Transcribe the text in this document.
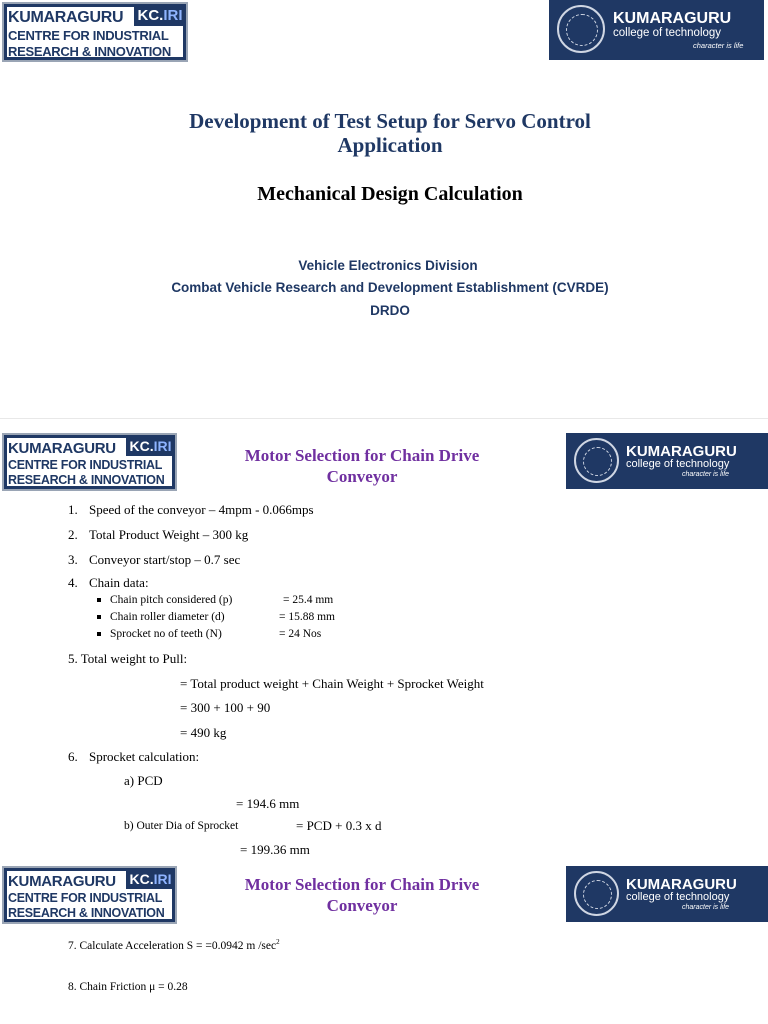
KUMARAGURU
CENTRE FOR INDUSTRIAL
RESEARCH & INNOVATION
KC.IRI	KUMARAGURU
college of technology
character is life
Development of Test Setup for Servo Control
Application
Mechanical Design Calculation
Vehicle Electronics Division
Combat Vehicle Research and Development Establishment (CVRDE)
DRDO
KUMARAGURU
CENTRE FOR INDUSTRIAL
RESEARCH & INNOVATION
KC.IRI	KUMARAGURU
college of technology
character is life
Motor Selection for Chain Drive
Conveyor
1. Speed of the conveyor – 4mpm - 0.066mps
2. Total Product Weight – 300 kg
3. Conveyor start/stop – 0.7 sec
4. Chain data:
Chain pitch considered (p)	= 25.4 mm
Chain roller diameter (d)	= 15.88 mm
Sprocket no of teeth (N)	= 24 Nos
5. Total weight to Pull:
= Total product weight + Chain Weight + Sprocket Weight
= 300 + 100 + 90
= 490 kg
6. Sprocket calculation:
a) PCD
= 194.6 mm
b) Outer Dia of Sprocket	= PCD + 0.3 x d
= 199.36 mm
KUMARAGURU
CENTRE FOR INDUSTRIAL
RESEARCH & INNOVATION
KC.IRI	KUMARAGURU
college of technology
character is life
Motor Selection for Chain Drive
Conveyor
7. Calculate Acceleration S = =0.0942 m $/\sec^2$
8. Chain Friction μ = 0.28
